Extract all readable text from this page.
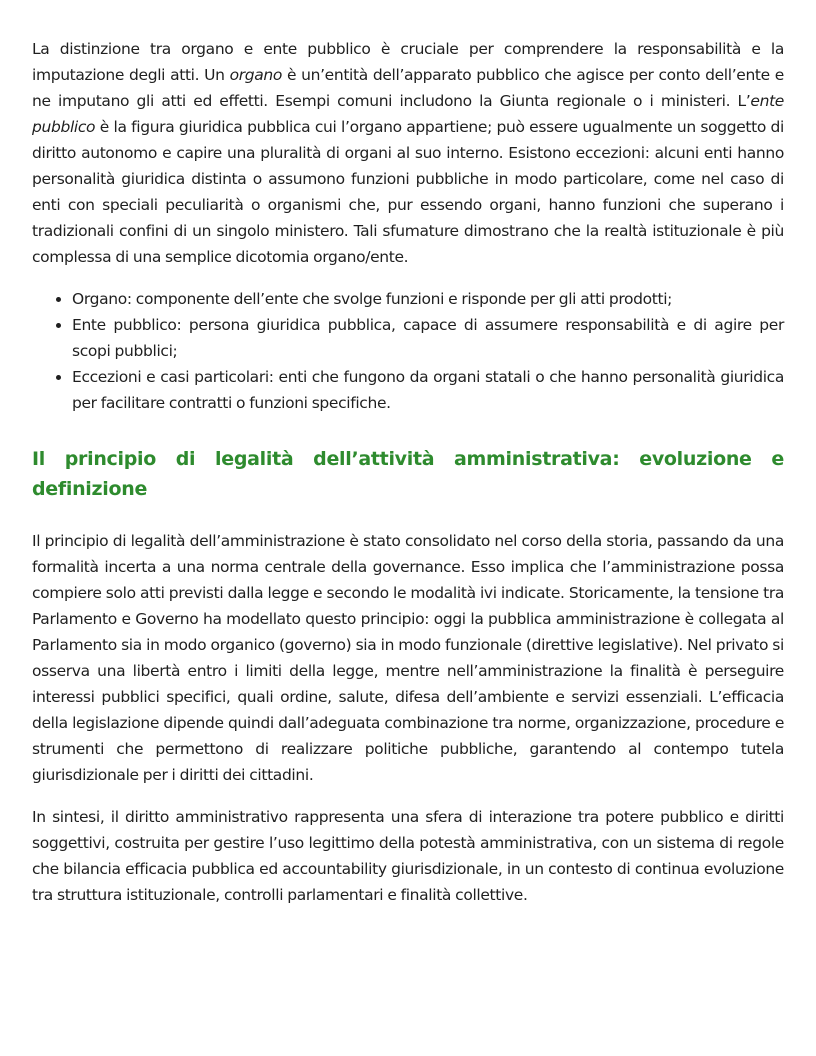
La distinzione tra organo e ente pubblico è cruciale per comprendere la responsabilità e la imputazione degli atti. Un organo è un’entità dell’apparato pubblico che agisce per conto dell’ente e ne imputano gli atti ed effetti. Esempi comuni includono la Giunta regionale o i ministeri. L’ente pubblico è la figura giuridica pubblica cui l’organo appartiene; può essere ugualmente un soggetto di diritto autonomo e capire una pluralità di organi al suo interno. Esistono eccezioni: alcuni enti hanno personalità giuridica distinta o assumono funzioni pubbliche in modo particolare, come nel caso di enti con speciali peculiarità o organismi che, pur essendo organi, hanno funzioni che superano i tradizionali confini di un singolo ministero. Tali sfumature dimostrano che la realtà istituzionale è più complessa di una semplice dicotomia organo/ente.

• Organo: componente dell’ente che svolge funzioni e risponde per gli atti prodotti;
• Ente pubblico: persona giuridica pubblica, capace di assumere responsabilità e di agire per scopi pubblici;
• Eccezioni e casi particolari: enti che fungono da organi statali o che hanno personalità giuridica per facilitare contratti o funzioni specifiche.
Il principio di legalità dell’attività amministrativa: evoluzione e definizione

Il principio di legalità dell’amministrazione è stato consolidato nel corso della storia, passando da una formalità incerta a una norma centrale della governance. Esso implica che l’amministrazione possa compiere solo atti previsti dalla legge e secondo le modalità ivi indicate. Storicamente, la tensione tra Parlamento e Governo ha modellato questo principio: oggi la pubblica amministrazione è collegata al Parlamento sia in modo organico (governo) sia in modo funzionale (direttive legislative). Nel privato si osserva una libertà entro i limiti della legge, mentre nell’amministrazione la finalità è perseguire interessi pubblici specifici, quali ordine, salute, difesa dell’ambiente e servizi essenziali. L’efficacia della legislazione dipende quindi dall’adeguata combinazione tra norme, organizzazione, procedure e strumenti che permettono di realizzare politiche pubbliche, garantendo al contempo tutela giurisdizionale per i diritti dei cittadini.

In sintesi, il diritto amministrativo rappresenta una sfera di interazione tra potere pubblico e diritti soggettivi, costruita per gestire l’uso legittimo della potestà amministrativa, con un sistema di regole che bilancia efficacia pubblica ed accountability giurisdizionale, in un contesto di continua evoluzione tra struttura istituzionale, controlli parlamentari e finalità collettive.
